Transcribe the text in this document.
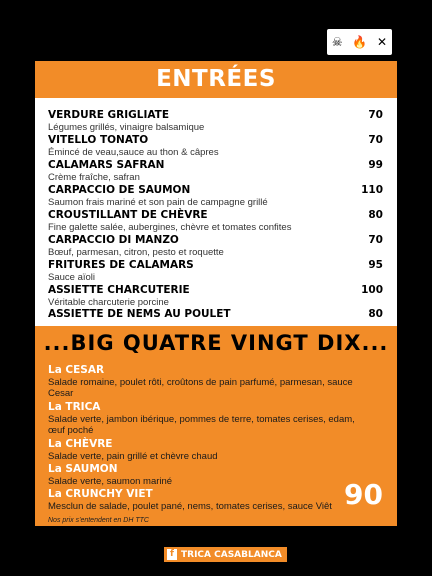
☠ 🔥 ✕
ENTRÉES
VERDURE GRIGLIATE
Légumes grillés, vinaigre balsamique
70
VITELLO TONATO
Émincé de veau,sauce au thon & câpres
70
CALAMARS SAFRAN
Crème fraîche, safran
99
CARPACCIO DE SAUMON
Saumon frais mariné et son pain de campagne grillé
110
CROUSTILLANT DE CHÈVRE
Fine galette salée, aubergines, chèvre et tomates confites
80
CARPACCIO DI MANZO
Bœuf, parmesan, citron, pesto et roquette
70
FRITURES DE CALAMARS
Sauce aïoli
95
ASSIETTE CHARCUTERIE
Véritable charcuterie porcine
100
ASSIETTE DE NEMS AU POULET	80
...BIG QUATRE VINGT DIX...
La CESAR
Salade romaine, poulet rôti, croûtons de pain parfumé, parmesan, sauce Cesar
La TRICA
Salade verte, jambon ibérique, pommes de terre, tomates cerises, edam, œuf poché
La CHÈVRE
Salade verte, pain grillé et chèvre chaud
La SAUMON
Salade verte, saumon mariné
La CRUNCHY VIET
Mesclun de salade, poulet pané, nems, tomates cerises, sauce Viêt 90
Nos prix s'entendent en DH TTC
f TRICA CASABLANCA
